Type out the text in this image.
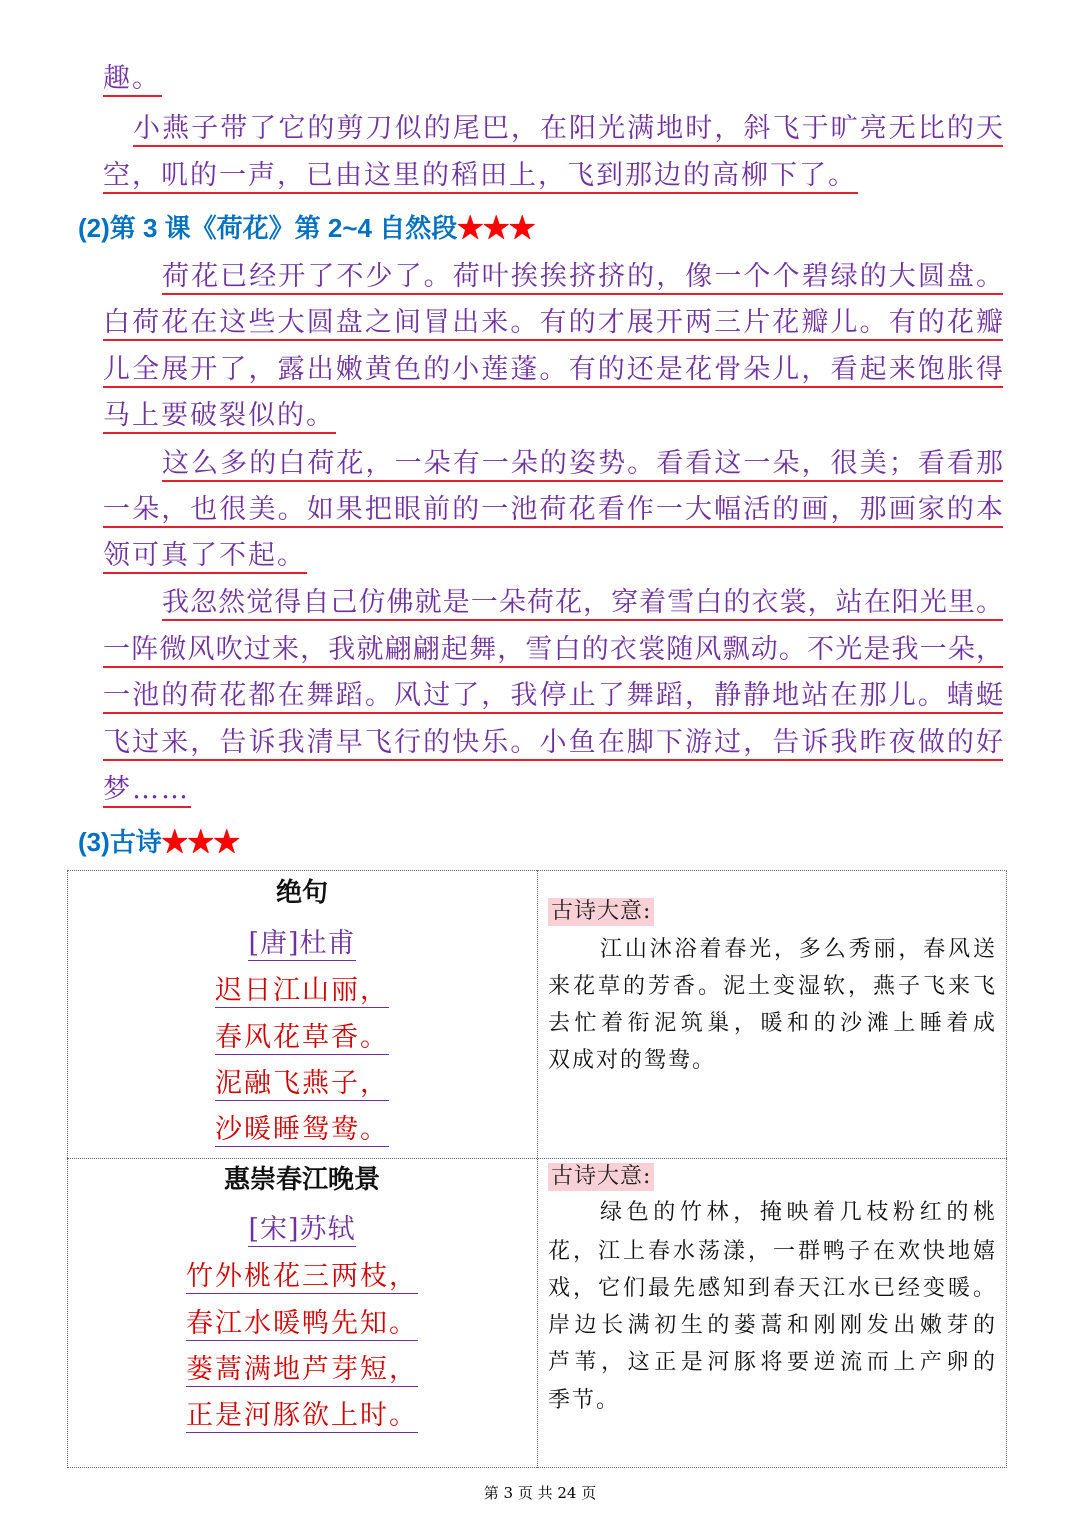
趣。
小燕子带了它的剪刀似的尾巴，在阳光满地时，斜飞于旷亮无比的天
空，叽的一声，已由这里的稻田上，飞到那边的高柳下了。
(2)第 3 课《荷花》第 2~4 自然段★★★
荷花已经开了不少了。荷叶挨挨挤挤的，像一个个碧绿的大圆盘。
白荷花在这些大圆盘之间冒出来。有的才展开两三片花瓣儿。有的花瓣
儿全展开了，露出嫩黄色的小莲蓬。有的还是花骨朵儿，看起来饱胀得
马上要破裂似的。
这么多的白荷花，一朵有一朵的姿势。看看这一朵，很美；看看那
一朵，也很美。如果把眼前的一池荷花看作一大幅活的画，那画家的本
领可真了不起。
我忽然觉得自己仿佛就是一朵荷花，穿着雪白的衣裳，站在阳光里。
一阵微风吹过来，我就翩翩起舞，雪白的衣裳随风飘动。不光是我一朵，
一池的荷花都在舞蹈。风过了，我停止了舞蹈，静静地站在那儿。蜻蜓
飞过来，告诉我清早飞行的快乐。小鱼在脚下游过，告诉我昨夜做的好
梦……
(3)古诗★★★
绝句
[唐]杜甫
迟日江山丽，
春风花草香。
泥融飞燕子，
沙暖睡鸳鸯。
古诗大意:
江山沐浴着春光，多么秀丽，春风送
来花草的芳香。泥土变湿软，燕子飞来飞
去忙着衔泥筑巢，暖和的沙滩上睡着成
双成对的鸳鸯。
惠崇春江晚景
[宋]苏轼
竹外桃花三两枝，
春江水暖鸭先知。
蒌蒿满地芦芽短，
正是河豚欲上时。
古诗大意:
绿色的竹林，掩映着几枝粉红的桃
花，江上春水荡漾，一群鸭子在欢快地嬉
戏，它们最先感知到春天江水已经变暖。
岸边长满初生的蒌蒿和刚刚发出嫩芽的
芦苇，这正是河豚将要逆流而上产卵的
季节。
第 3 页 共 24 页
